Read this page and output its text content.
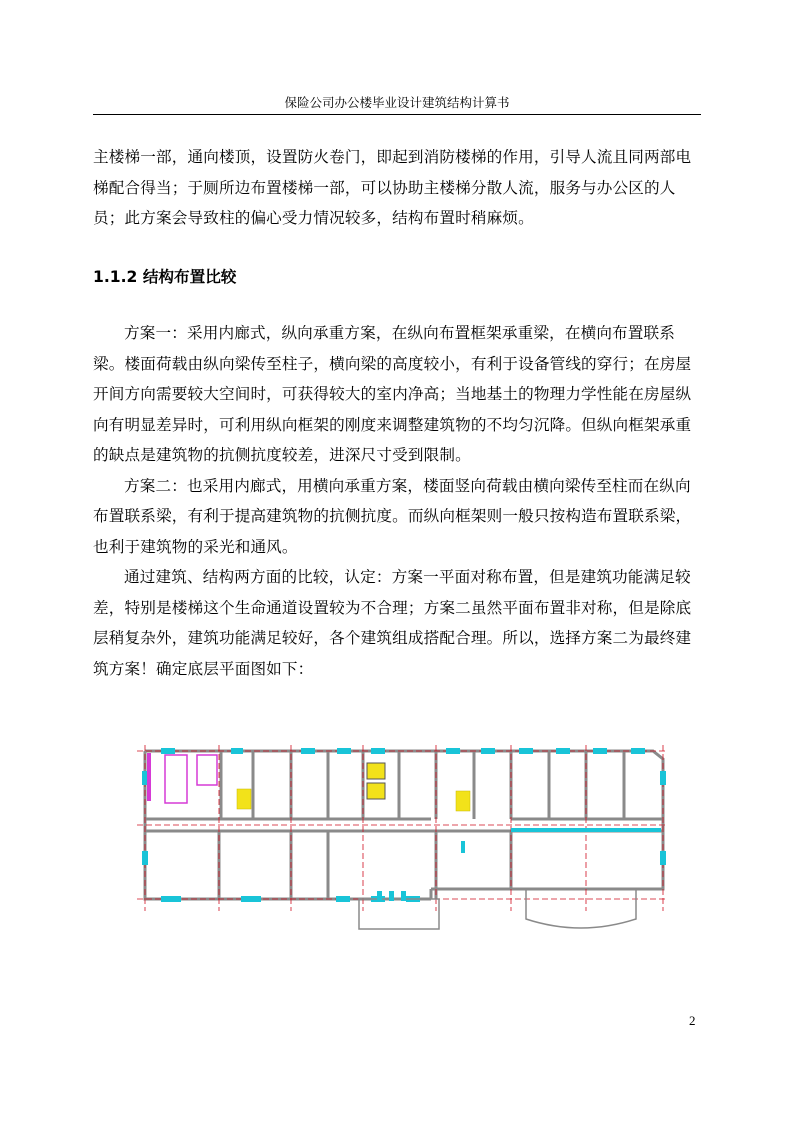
保险公司办公楼毕业设计建筑结构计算书

主楼梯一部，通向楼顶，设置防火卷门，即起到消防楼梯的作用，引导人流且同两部电梯配合得当；于厕所边布置楼梯一部，可以协助主楼梯分散人流，服务与办公区的人员；此方案会导致柱的偏心受力情况较多，结构布置时稍麻烦。

1.1.2 结构布置比较

方案一：采用内廊式，纵向承重方案，在纵向布置框架承重梁，在横向布置联系梁。楼面荷载由纵向梁传至柱子，横向梁的高度较小，有利于设备管线的穿行；在房屋开间方向需要较大空间时，可获得较大的室内净高；当地基土的物理力学性能在房屋纵向有明显差异时，可利用纵向框架的刚度来调整建筑物的不均匀沉降。但纵向框架承重的缺点是建筑物的抗侧抗度较差，进深尺寸受到限制。

方案二：也采用内廊式，用横向承重方案，楼面竖向荷载由横向梁传至柱而在纵向布置联系梁，有利于提高建筑物的抗侧抗度。而纵向框架则一般只按构造布置联系梁，也利于建筑物的采光和通风。

通过建筑、结构两方面的比较，认定：方案一平面对称布置，但是建筑功能满足较差，特别是楼梯这个生命通道设置较为不合理；方案二虽然平面布置非对称，但是除底层稍复杂外，建筑功能满足较好，各个建筑组成搭配合理。所以，选择方案二为最终建筑方案！确定底层平面图如下：

2
